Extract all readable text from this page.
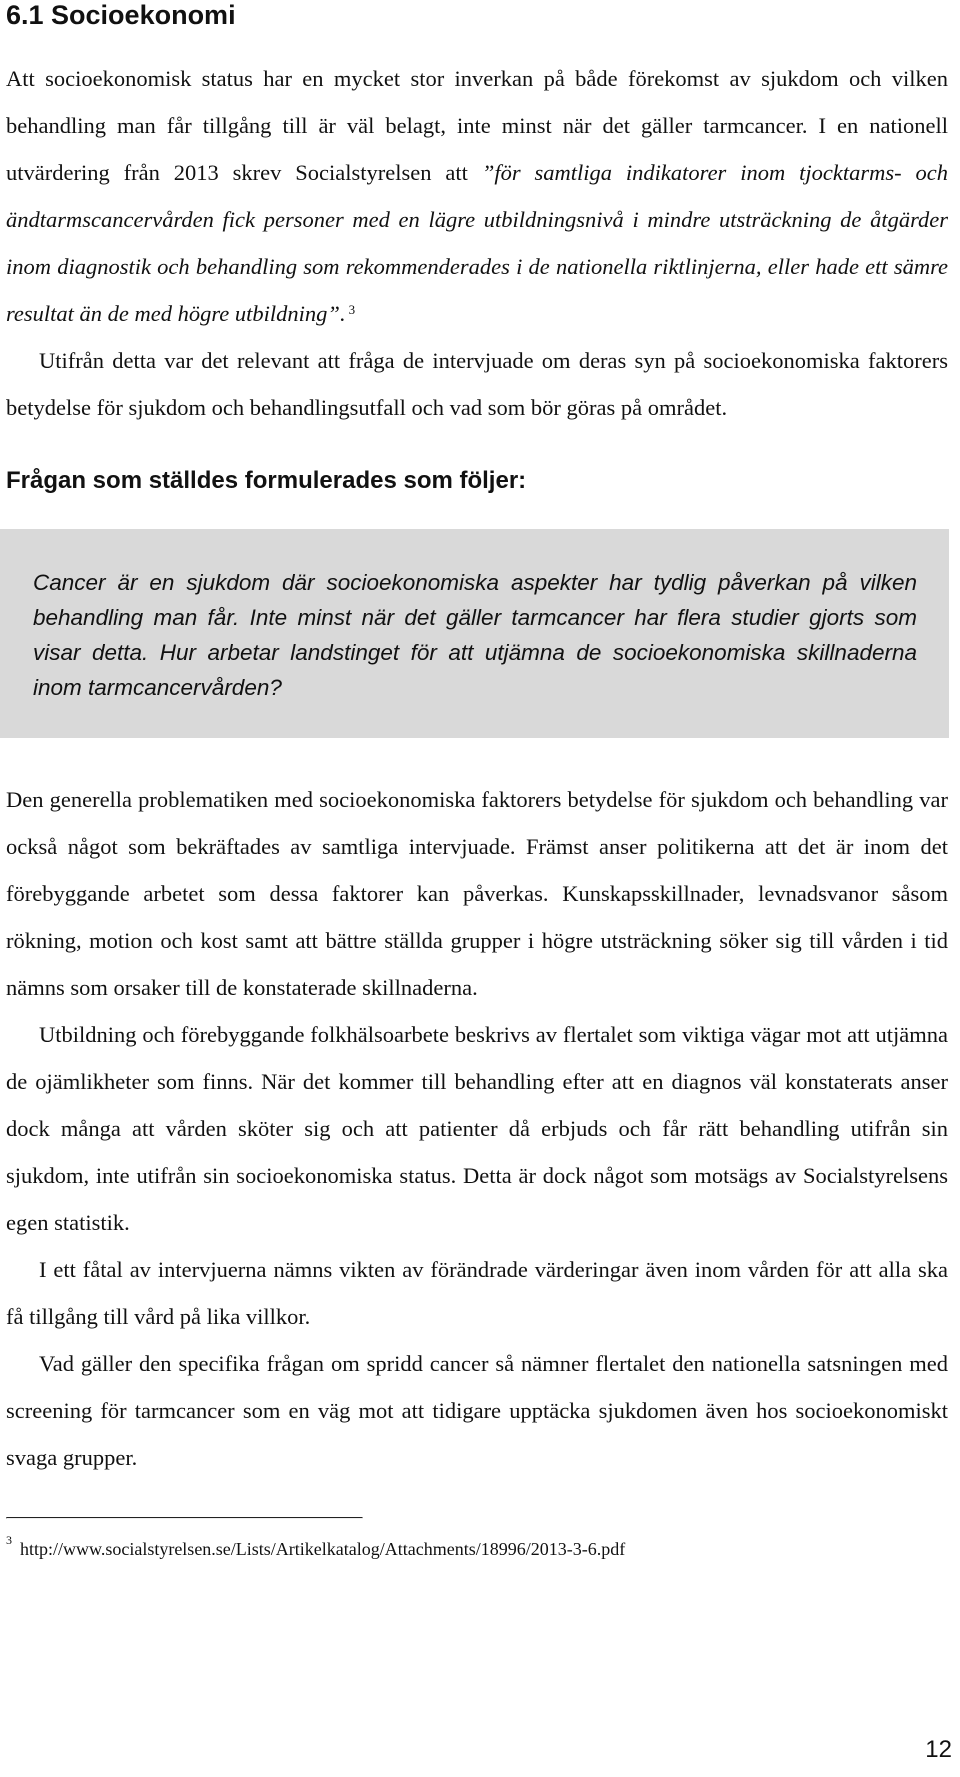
6.1 Socioekonomi

Att socioekonomisk status har en mycket stor inverkan på både förekomst av sjukdom och vilken behandling man får tillgång till är väl belagt, inte minst när det gäller tarmcancer. I en nationell utvärdering från 2013 skrev Socialstyrelsen att ”för samtliga indikatorer inom tjocktarms- och ändtarmscancervården fick personer med en lägre utbildningsnivå i mindre utsträckning de åtgärder inom diagnostik och behandling som rekommenderades i de nationella riktlinjerna, eller hade ett sämre resultat än de med högre utbildning”. $^3$

Utifrån detta var det relevant att fråga de intervjuade om deras syn på socioekonomiska faktorers betydelse för sjukdom och behandlingsutfall och vad som bör göras på området.

Frågan som ställdes formulerades som följer:

Cancer är en sjukdom där socioekonomiska aspekter har tydlig påverkan på vilken behandling man får. Inte minst när det gäller tarmcancer har flera studier gjorts som visar detta. Hur arbetar landstinget för att utjämna de socioekonomiska skillnaderna inom tarmcancervården?

Den generella problematiken med socioekonomiska faktorers betydelse för sjukdom och behandling var också något som bekräftades av samtliga intervjuade. Främst anser politikerna att det är inom det förebyggande arbetet som dessa faktorer kan påverkas. Kunskapsskillnader, levnadsvanor såsom rökning, motion och kost samt att bättre ställda grupper i högre utsträckning söker sig till vården i tid nämns som orsaker till de konstaterade skillnaderna.

Utbildning och förebyggande folkhälsoarbete beskrivs av flertalet som viktiga vägar mot att utjämna de ojämlikheter som finns. När det kommer till behandling efter att en diagnos väl konstaterats anser dock många att vården sköter sig och att patienter då erbjuds och får rätt behandling utifrån sin sjukdom, inte utifrån sin socioekonomiska status. Detta är dock något som motsägs av Socialstyrelsens egen statistik.

I ett fåtal av intervjuerna nämns vikten av förändrade värderingar även inom vården för att alla ska få tillgång till vård på lika villkor.

Vad gäller den specifika frågan om spridd cancer så nämner flertalet den nationella satsningen med screening för tarmcancer som en väg mot att tidigare upptäcka sjukdomen även hos socioekonomiskt svaga grupper.

$^3$ http://www.socialstyrelsen.se/Lists/Artikelkatalog/Attachments/18996/2013-3-6.pdf

12
